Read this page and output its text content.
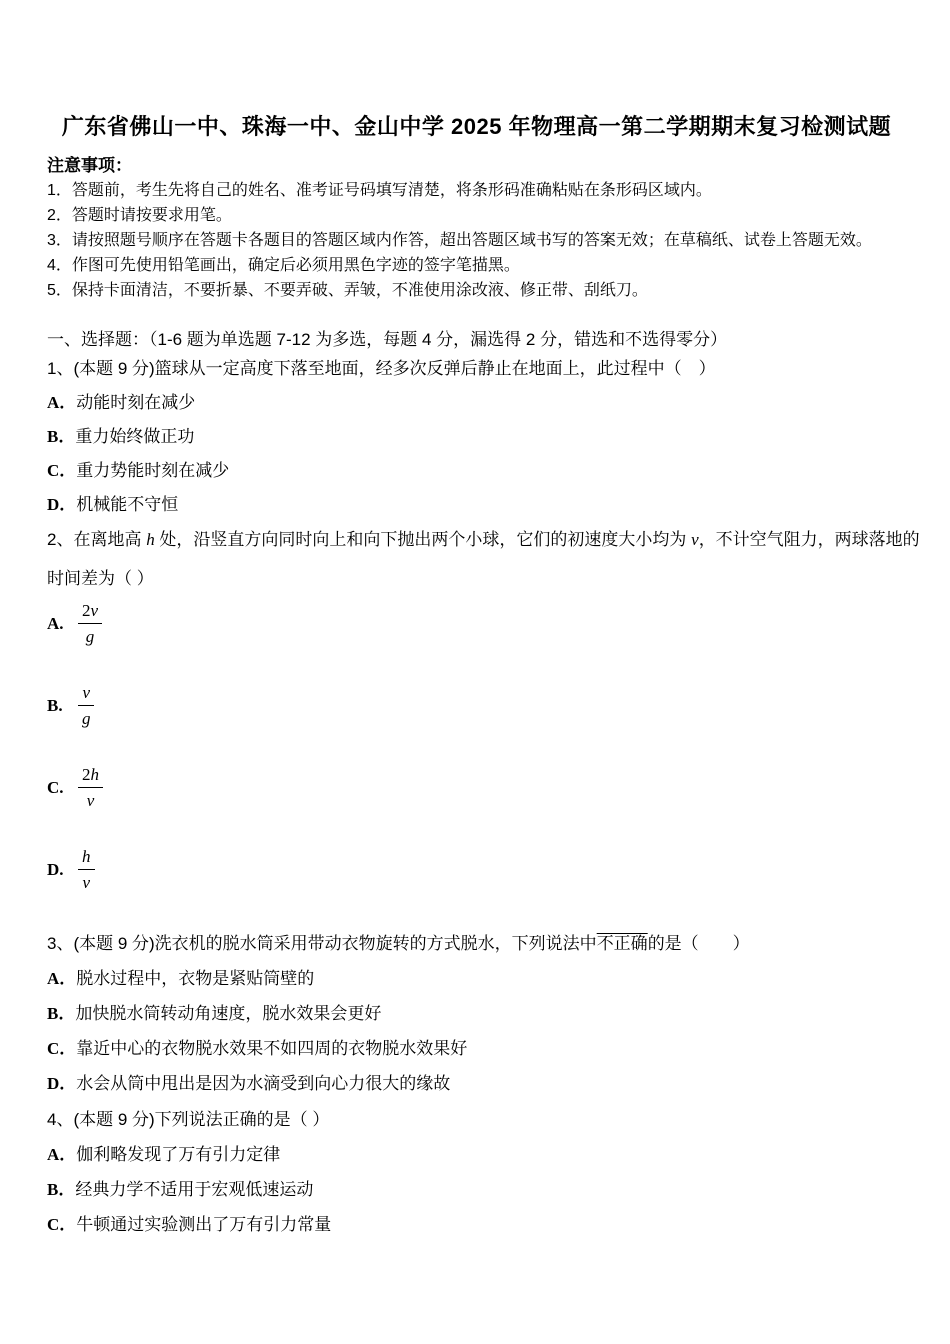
广东省佛山一中、珠海一中、金山中学 2025 年物理高一第二学期期末复习检测试题
注意事项：
1．答题前，考生先将自己的姓名、准考证号码填写清楚，将条形码准确粘贴在条形码区域内。
2．答题时请按要求用笔。
3．请按照题号顺序在答题卡各题目的答题区域内作答，超出答题区域书写的答案无效；在草稿纸、试卷上答题无效。
4．作图可先使用铅笔画出，确定后必须用黑色字迹的签字笔描黑。
5．保持卡面清洁，不要折暴、不要弄破、弄皱，不准使用涂改液、修正带、刮纸刀。
一、选择题：（1-6 题为单选题 7-12 为多选，每题 4 分，漏选得 2 分，错选和不选得零分）
1、(本题 9 分)篮球从一定高度下落至地面，经多次反弹后静止在地面上，此过程中（　）
A．动能时刻在减少
B．重力始终做正功
C．重力势能时刻在减少
D．机械能不守恒
2、在离地高 h 处，沿竖直方向同时向上和向下抛出两个小球，它们的初速度大小均为 v，不计空气阻力，两球落地的
时间差为（ ）
A. $\frac{2v}{g}$
B. $\frac{v}{g}$
C. $\frac{2h}{v}$
D. $\frac{h}{v}$
3、(本题 9 分)洗衣机的脱水筒采用带动衣物旋转的方式脱水，下列说法中不正确的是（　　）
A．脱水过程中，衣物是紧贴筒壁的
B．加快脱水筒转动角速度，脱水效果会更好
C．靠近中心的衣物脱水效果不如四周的衣物脱水效果好
D．水会从筒中甩出是因为水滴受到向心力很大的缘故
4、(本题 9 分)下列说法正确的是（ ）
A．伽利略发现了万有引力定律
B．经典力学不适用于宏观低速运动
C．牛顿通过实验测出了万有引力常量
